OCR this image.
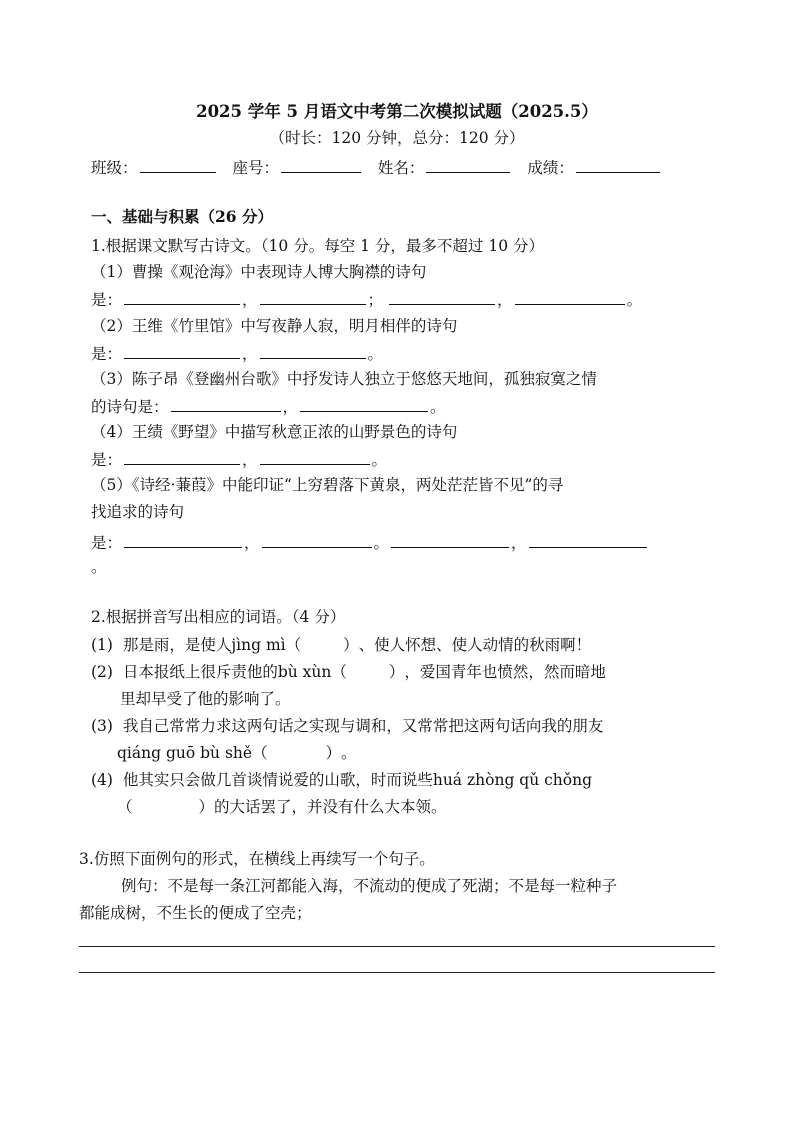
2025 学年 5 月语文中考第二次模拟试题（2025.5）
（时长：120 分钟，总分：120 分）
班级：	座号：	姓名：	成绩：
一、基础与积累（26 分）
1.根据课文默写古诗文。（10 分。每空 1 分，最多不超过 10 分）
（1）曹操《观沧海》中表现诗人博大胸襟的诗句
是：	，	；	，	。
（2）王维《竹里馆》中写夜静人寂，明月相伴的诗句
是：	，	。
（3）陈子昂《登幽州台歌》中抒发诗人独立于悠悠天地间，孤独寂寞之情
的诗句是：	，	。
（4）王绩《野望》中描写秋意正浓的山野景色的诗句
是：	，	。
（5）《诗经·蒹葭》中能印证“上穷碧落下黄泉，两处茫茫皆不见”的寻
找追求的诗句
是：	，	。	，
。
2.根据拼音写出相应的词语。（4 分）
(1) 那是雨，是使人jìng mì（	）、使人怀想、使人动情的秋雨啊！
(2) 日本报纸上很斥责他的bù xùn（	），爱国青年也愤然，然而暗地
里却早受了他的影响了。
(3) 我自己常常力求这两句话之实现与调和，又常常把这两句话向我的朋友
qiáng guō bù shě（	）。
(4) 他其实只会做几首谈情说爱的山歌，时而说些huá zhòng qǔ chǒng
（	）的大话罢了，并没有什么大本领。
3.仿照下面例句的形式，在横线上再续写一个句子。
例句：不是每一条江河都能入海，不流动的便成了死湖；不是每一粒种子
都能成树，不生长的便成了空壳；
